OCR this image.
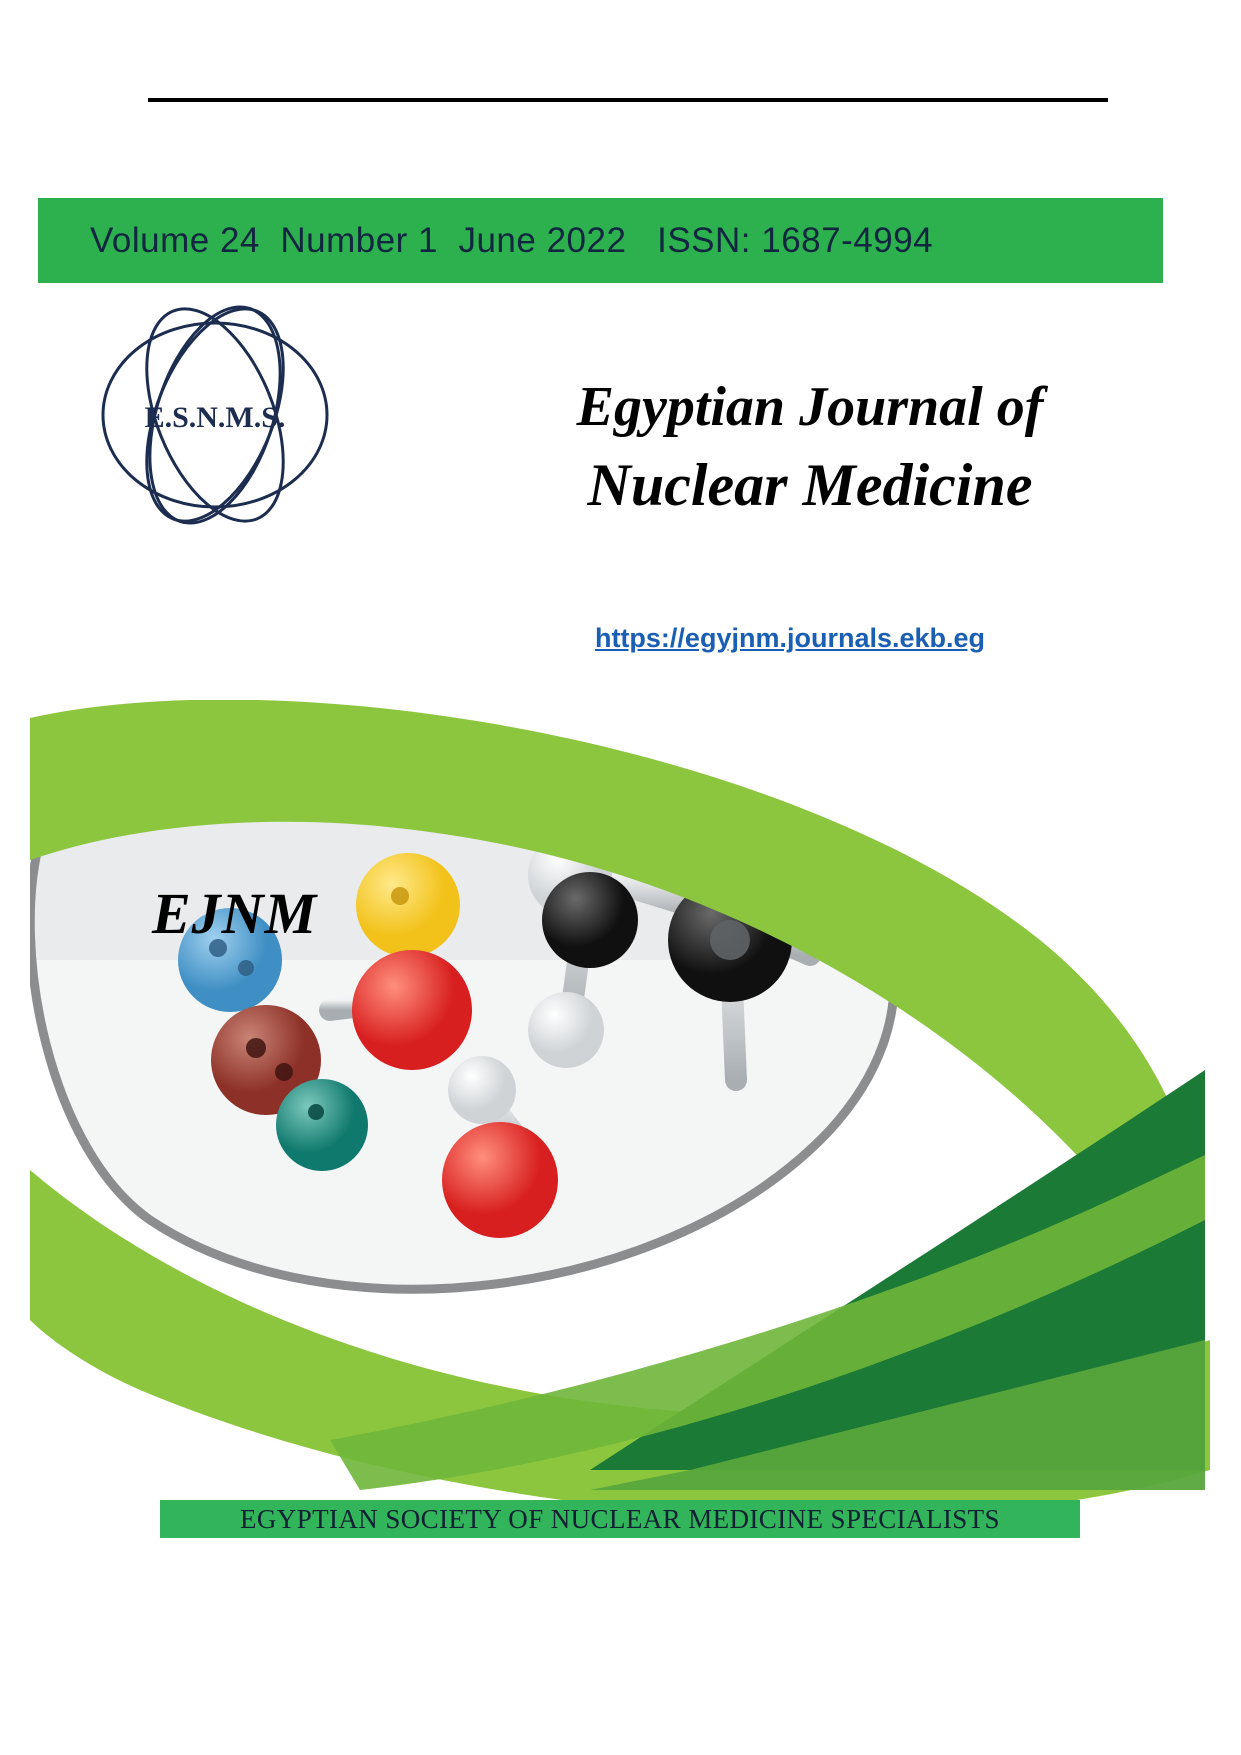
Volume 24  Number 1  June 2022   ISSN: 1687-4994
E.S.N.M.S.	Egyptian Journal of
Nuclear Medicine
https://egyjnm.journals.ekb.eg
EJNM
EGYPTIAN SOCIETY OF NUCLEAR MEDICINE SPECIALISTS
